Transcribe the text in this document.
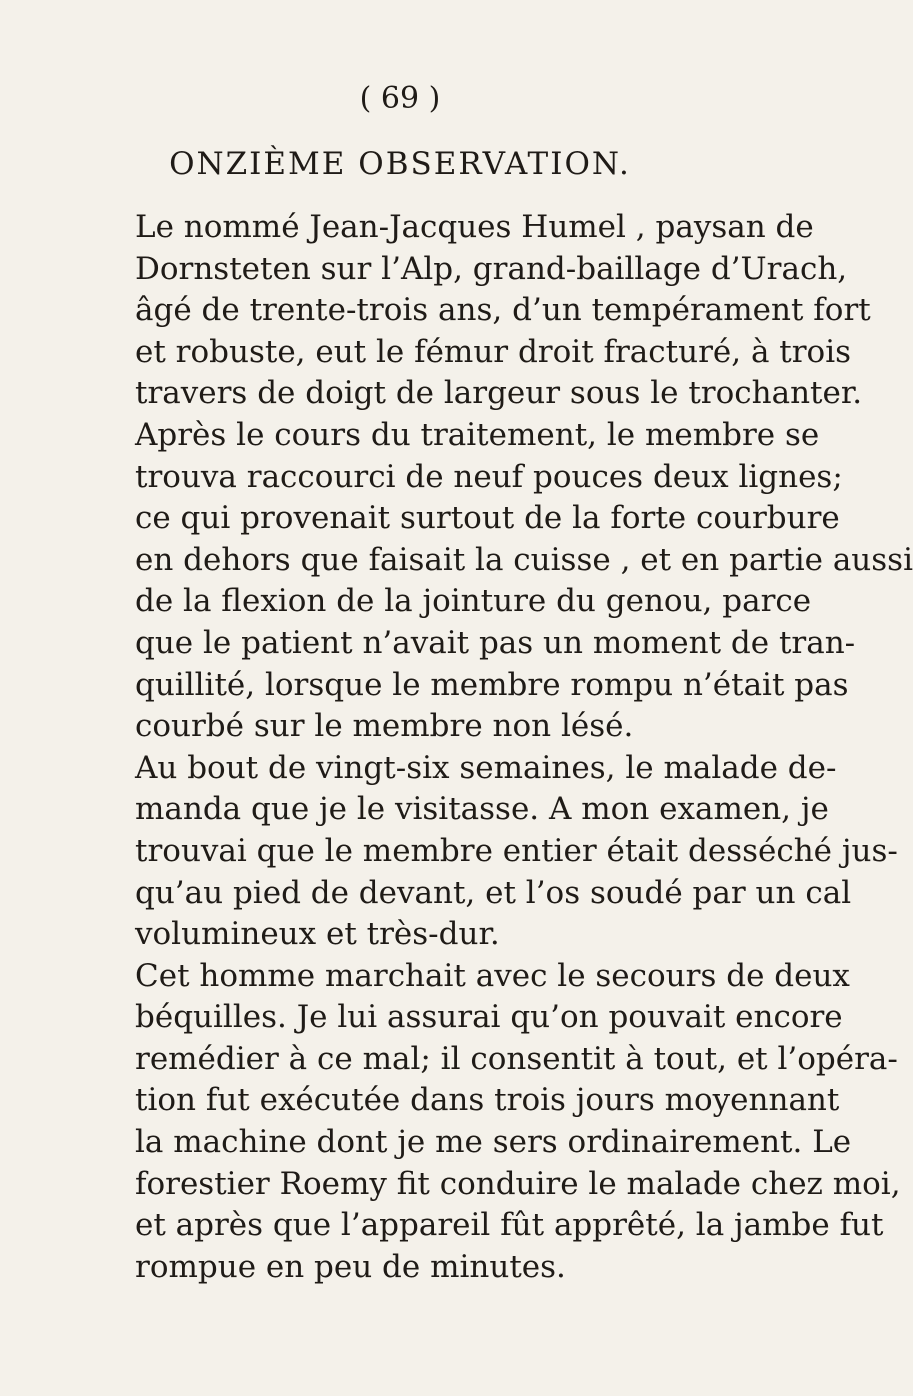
( 69 )
ONZIÈME OBSERVATION.

Le nommé Jean-Jacques Humel , paysan de
Dornsteten sur l’Alp, grand-baillage d’Urach,
âgé de trente-trois ans, d’un tempérament fort
et robuste, eut le fémur droit fracturé, à trois
travers de doigt de largeur sous le trochanter.

Après le cours du traitement, le membre se
trouva raccourci de neuf pouces deux lignes;
ce qui provenait surtout de la forte courbure
en dehors que faisait la cuisse , et en partie aussi
de la flexion de la jointure du genou, parce
que le patient n’avait pas un moment de tran-
quillité, lorsque le membre rompu n’était pas
courbé sur le membre non lésé.

Au bout de vingt-six semaines, le malade de-
manda que je le visitasse. A mon examen, je
trouvai que le membre entier était desséché jus-
qu’au pied de devant, et l’os soudé par un cal
volumineux et très-dur.

Cet homme marchait avec le secours de deux
béquilles. Je lui assurai qu’on pouvait encore
remédier à ce mal; il consentit à tout, et l’opéra-
tion fut exécutée dans trois jours moyennant
la machine dont je me sers ordinairement. Le
forestier Roemy fit conduire le malade chez moi,
et après que l’appareil fût apprêté, la jambe fut
rompue en peu de minutes.
